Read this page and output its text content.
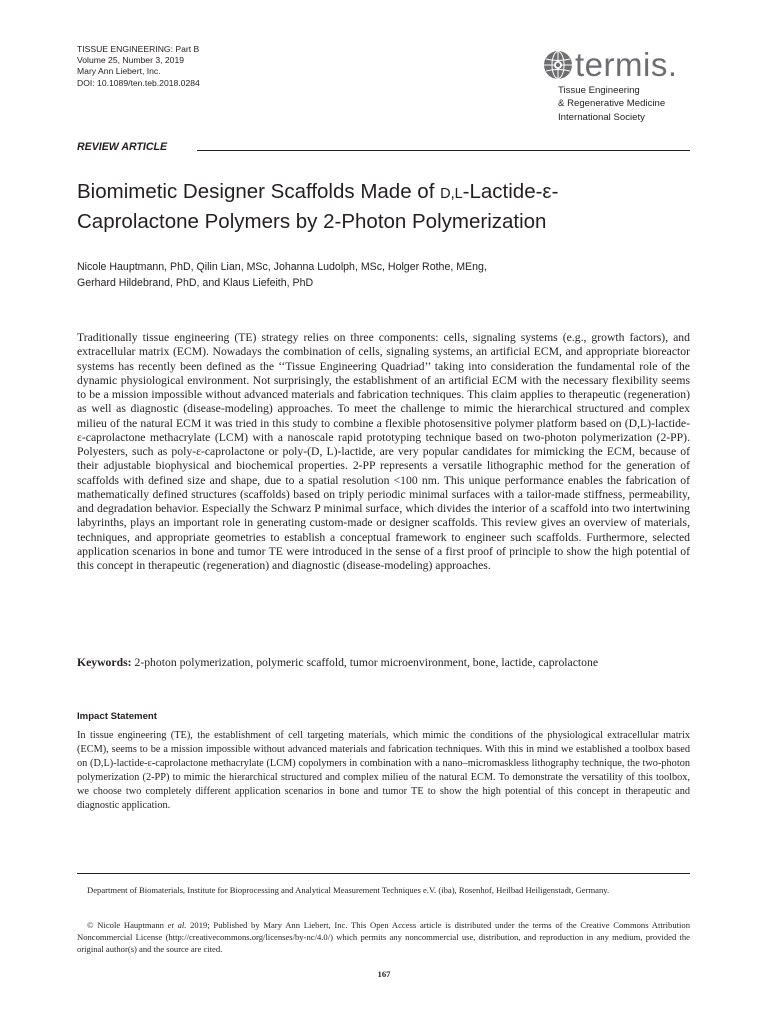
TISSUE ENGINEERING: Part B
Volume 25, Number 3, 2019
Mary Ann Liebert, Inc.
DOI: 10.1089/ten.teb.2018.0284	termis.
Tissue Engineering
& Regenerative Medicine
International Society
REVIEW ARTICLE
Biomimetic Designer Scaffolds Made of D,L-Lactide-ε-
Caprolactone Polymers by 2-Photon Polymerization
Nicole Hauptmann, PhD, Qilin Lian, MSc, Johanna Ludolph, MSc, Holger Rothe, MEng,
Gerhard Hildebrand, PhD, and Klaus Liefeith, PhD

Traditionally tissue engineering (TE) strategy relies on three components: cells, signaling systems (e.g., growth factors), and extracellular matrix (ECM). Nowadays the combination of cells, signaling systems, an artificial ECM, and appropriate bioreactor systems has recently been defined as the ‘‘Tissue Engineering Quadriad’’ taking into consideration the fundamental role of the dynamic physiological environment. Not surprisingly, the establishment of an artificial ECM with the necessary flexibility seems to be a mission impossible without advanced materials and fabrication techniques. This claim applies to therapeutic (regeneration) as well as diagnostic (disease-modeling) approaches. To meet the challenge to mimic the hierarchical structured and complex milieu of the natural ECM it was tried in this study to combine a flexible photosensitive polymer platform based on (D,L)-lactide-ε-caprolactone methacrylate (LCM) with a nanoscale rapid prototyping technique based on two-photon polymerization (2-PP). Polyesters, such as poly-ε-caprolactone or poly-(D, L)-lactide, are very popular candidates for mimicking the ECM, because of their adjustable biophysical and biochemical properties. 2-PP represents a versatile lithographic method for the generation of scaffolds with defined size and shape, due to a spatial resolution <100 nm. This unique performance enables the fabrication of mathematically defined structures (scaffolds) based on triply periodic minimal surfaces with a tailor-made stiffness, permeability, and degradation behavior. Especially the Schwarz P minimal surface, which divides the interior of a scaffold into two intertwining labyrinths, plays an important role in generating custom-made or designer scaffolds. This review gives an overview of materials, techniques, and appropriate geometries to establish a conceptual framework to engineer such scaffolds. Furthermore, selected application scenarios in bone and tumor TE were introduced in the sense of a first proof of principle to show the high potential of this concept in therapeutic (regeneration) and diagnostic (disease-modeling) approaches.

Keywords: 2-photon polymerization, polymeric scaffold, tumor microenvironment, bone, lactide, caprolactone
Impact Statement
In tissue engineering (TE), the establishment of cell targeting materials, which mimic the conditions of the physiological extracellular matrix (ECM), seems to be a mission impossible without advanced materials and fabrication techniques. With this in mind we established a toolbox based on (D,L)-lactide-ε-caprolactone methacrylate (LCM) copolymers in combination with a nano–micromaskless lithography technique, the two-photon polymerization (2-PP) to mimic the hierarchical structured and complex milieu of the natural ECM. To demonstrate the versatility of this toolbox, we choose two completely different application scenarios in bone and tumor TE to show the high potential of this concept in therapeutic and diagnostic application.
Department of Biomaterials, Institute for Bioprocessing and Analytical Measurement Techniques e.V. (iba), Rosenhof, Heilbad Heiligenstadt, Germany.
© Nicole Hauptmann et al. 2019; Published by Mary Ann Liebert, Inc. This Open Access article is distributed under the terms of the Creative Commons Attribution Noncommercial License (http://creativecommons.org/licenses/by-nc/4.0/) which permits any noncommercial use, distribution, and reproduction in any medium, provided the original author(s) and the source are cited.
167
